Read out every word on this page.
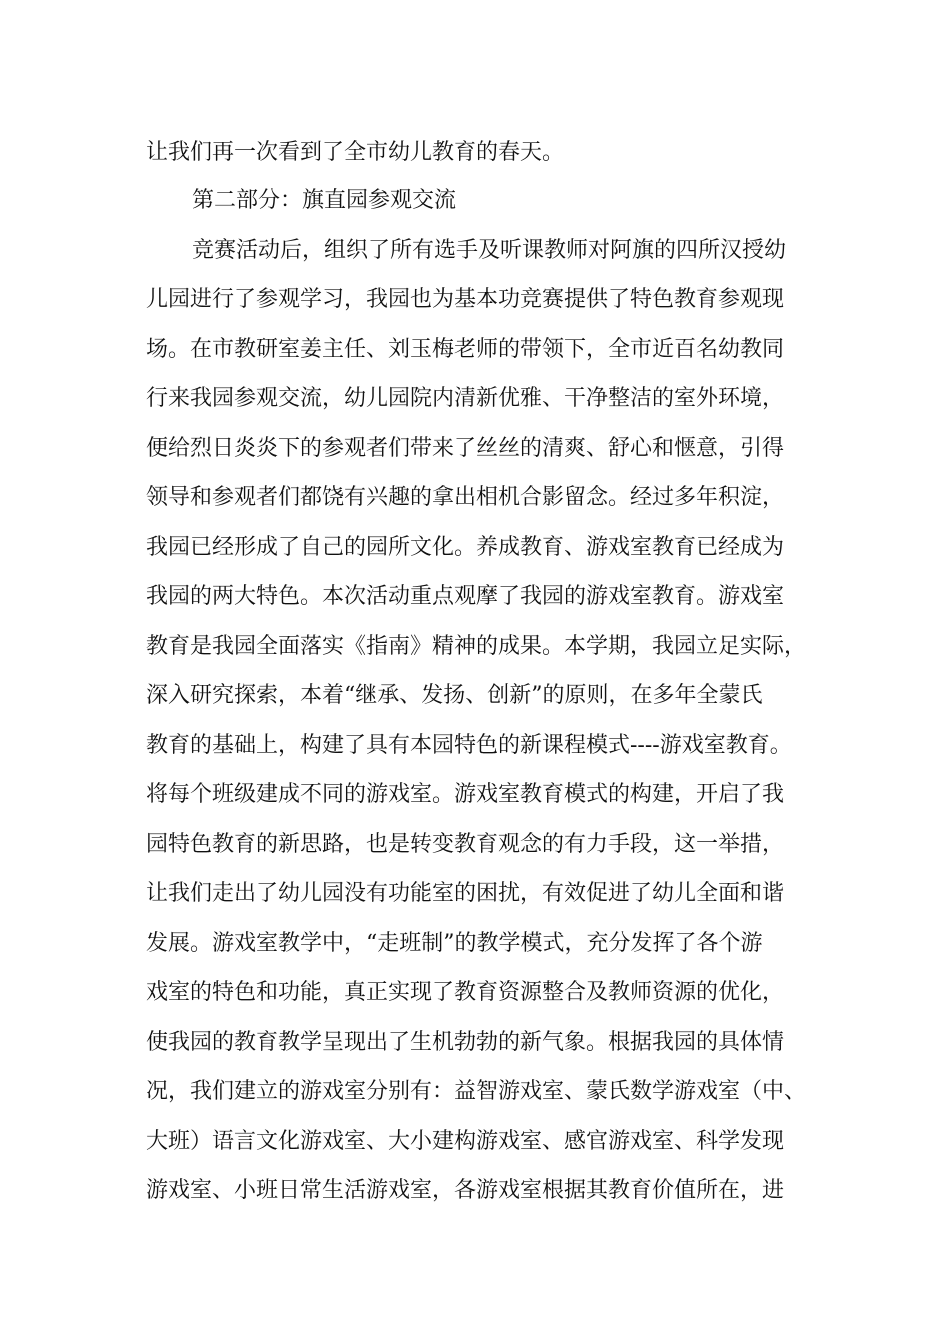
让我们再一次看到了全市幼儿教育的春天。
第二部分：旗直园参观交流
竞赛活动后，组织了所有选手及听课教师对阿旗的四所汉授幼
儿园进行了参观学习，我园也为基本功竞赛提供了特色教育参观现
场。在市教研室姜主任、刘玉梅老师的带领下，全市近百名幼教同
行来我园参观交流，幼儿园院内清新优雅、干净整洁的室外环境，
便给烈日炎炎下的参观者们带来了丝丝的清爽、舒心和惬意，引得
领导和参观者们都饶有兴趣的拿出相机合影留念。经过多年积淀，
我园已经形成了自己的园所文化。养成教育、游戏室教育已经成为
我园的两大特色。本次活动重点观摩了我园的游戏室教育。游戏室
教育是我园全面落实《指南》精神的成果。本学期，我园立足实际，
深入研究探索，本着“继承、发扬、创新”的原则，在多年全蒙氏
教育的基础上，构建了具有本园特色的新课程模式----游戏室教育。
将每个班级建成不同的游戏室。游戏室教育模式的构建，开启了我
园特色教育的新思路，也是转变教育观念的有力手段，这一举措，
让我们走出了幼儿园没有功能室的困扰，有效促进了幼儿全面和谐
发展。游戏室教学中，“走班制”的教学模式，充分发挥了各个游
戏室的特色和功能，真正实现了教育资源整合及教师资源的优化，
使我园的教育教学呈现出了生机勃勃的新气象。根据我园的具体情
况，我们建立的游戏室分别有：益智游戏室、蒙氏数学游戏室（中、
大班）语言文化游戏室、大小建构游戏室、感官游戏室、科学发现
游戏室、小班日常生活游戏室，各游戏室根据其教育价值所在，进
